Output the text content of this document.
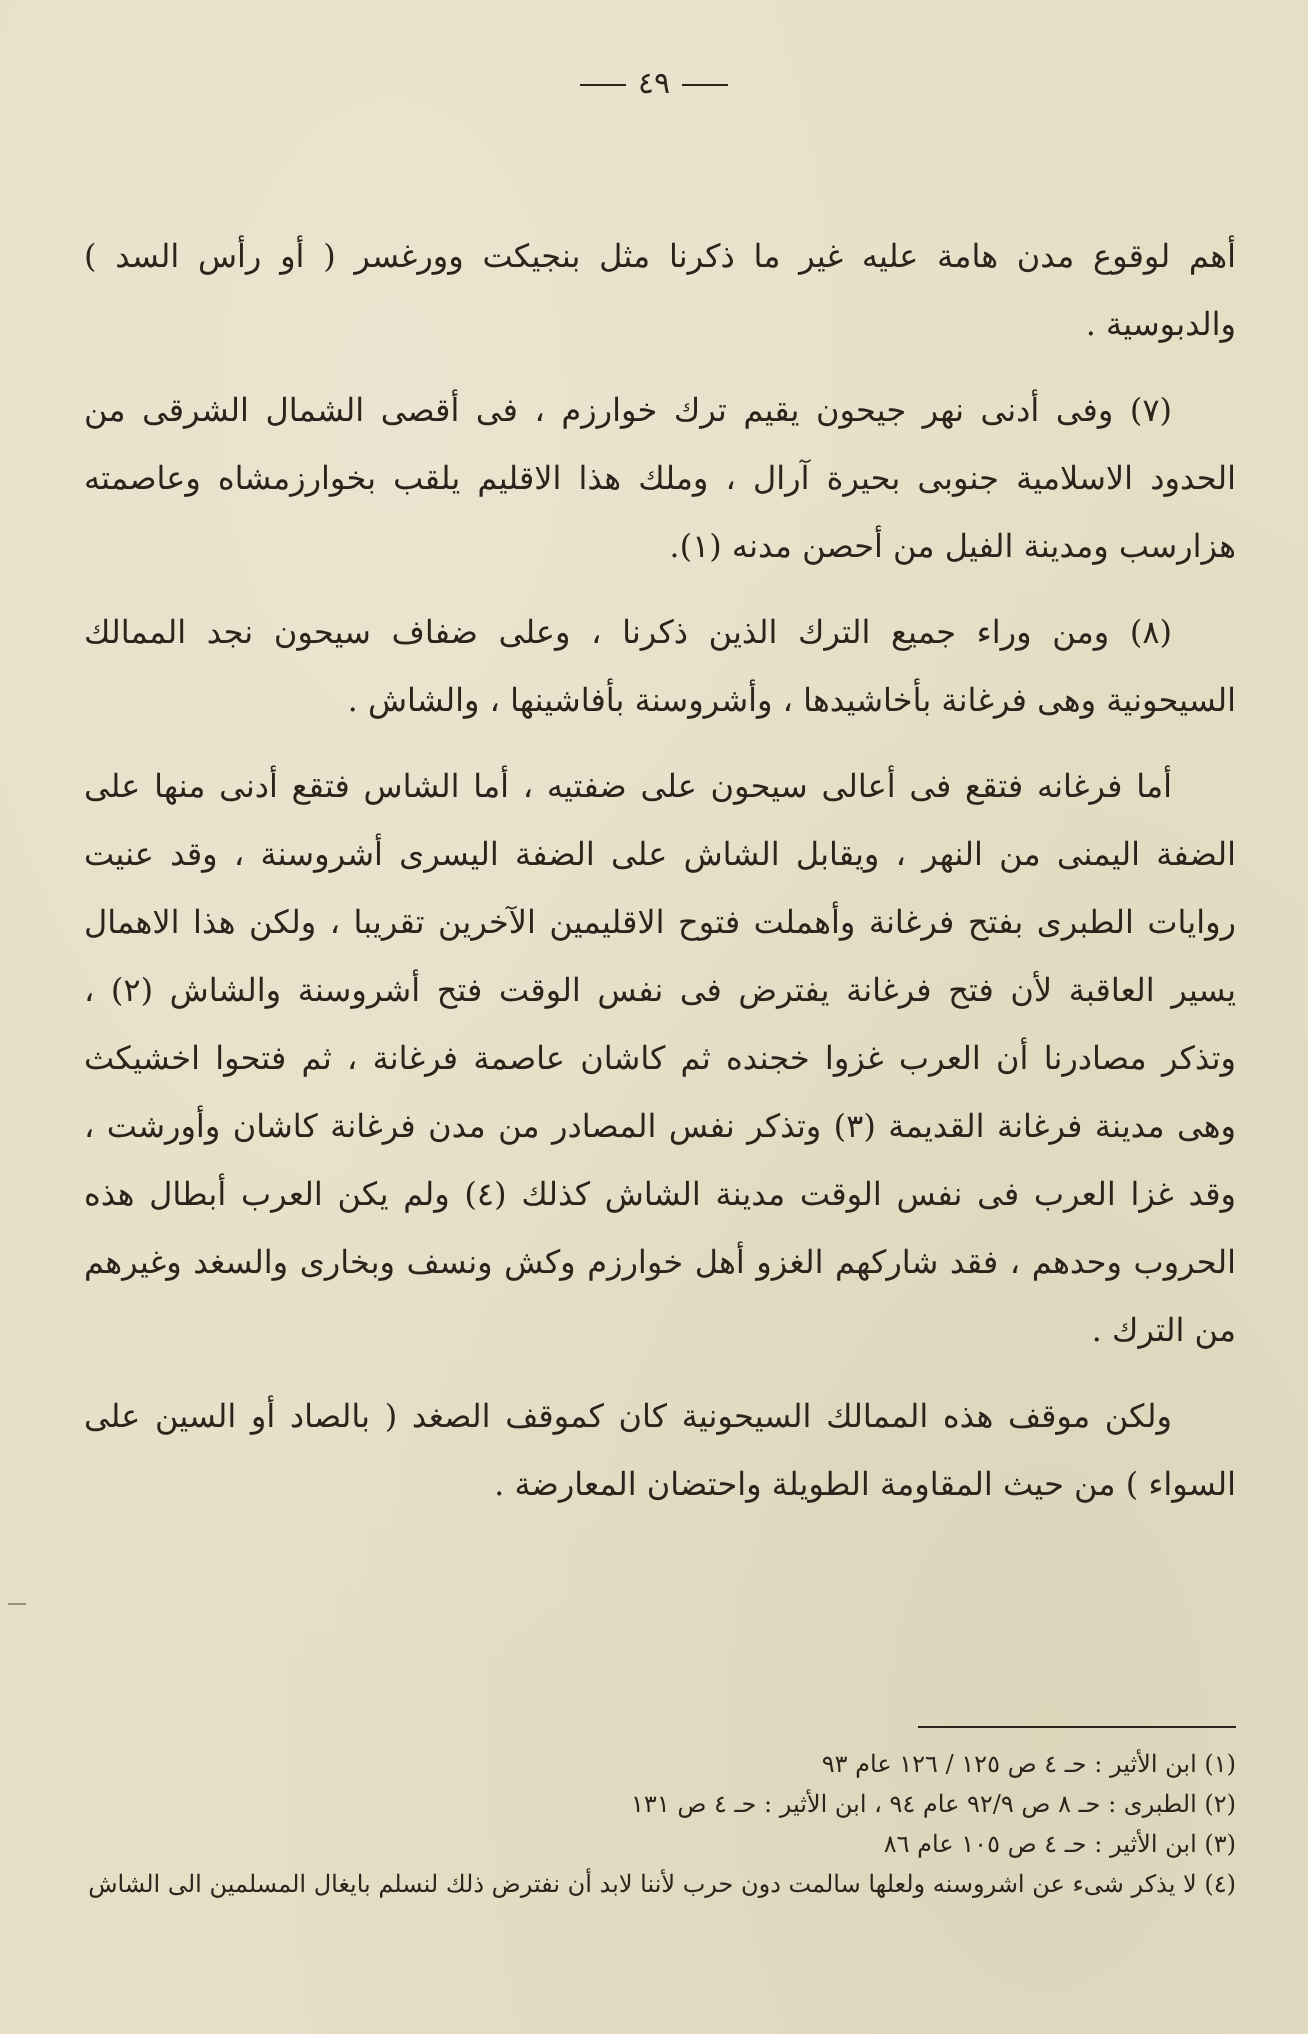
٤٩

أهم لوقوع مدن هامة عليه غير ما ذكرنا مثل بنجيكت وورغسر ( أو رأس السد ) والدبوسية .

(٧) وفى أدنى نهر جيحون يقيم ترك خوارزم ، فى أقصى الشمال الشرقى من الحدود الاسلامية جنوبى بحيرة آرال ، وملك هذا الاقليم يلقب بخوارزمشاه وعاصمته هزارسب ومدينة الفيل من أحصن مدنه (١).

(٨) ومن وراء جميع الترك الذين ذكرنا ، وعلى ضفاف سيحون نجد الممالك السيحونية وهى فرغانة بأخاشيدها ، وأشروسنة بأفاشينها ، والشاش .

أما فرغانه فتقع فى أعالى سيحون على ضفتيه ، أما الشاس فتقع أدنى منها على الضفة اليمنى من النهر ، ويقابل الشاش على الضفة اليسرى أشروسنة ، وقد عنيت روايات الطبرى بفتح فرغانة وأهملت فتوح الاقليمين الآخرين تقريبا ، ولكن هذا الاهمال يسير العاقبة لأن فتح فرغانة يفترض فى نفس الوقت فتح أشروسنة والشاش (٢) ، وتذكر مصادرنا أن العرب غزوا خجنده ثم كاشان عاصمة فرغانة ، ثم فتحوا اخشيكث وهى مدينة فرغانة القديمة (٣) وتذكر نفس المصادر من مدن فرغانة كاشان وأورشت ، وقد غزا العرب فى نفس الوقت مدينة الشاش كذلك (٤) ولم يكن العرب أبطال هذه الحروب وحدهم ، فقد شاركهم الغزو أهل خوارزم وكش ونسف وبخارى والسغد وغيرهم من الترك .

ولكن موقف هذه الممالك السيحونية كان كموقف الصغد ( بالصاد أو السين على السواء ) من حيث المقاومة الطويلة واحتضان المعارضة .

(١) ابن الأثير : حـ ٤ ص ١٢٥ / ١٢٦ عام ٩٣

(٢) الطبرى : حـ ٨ ص ٩٢/٩ عام ٩٤ ، ابن الأثير : حـ ٤ ص ١٣١

(٣) ابن الأثير : حـ ٤ ص ١٠٥ عام ٨٦

(٤) لا يذكر شىء عن اشروسنه ولعلها سالمت دون حرب لأننا لابد أن نفترض ذلك لنسلم بايغال المسلمين الى الشاش
